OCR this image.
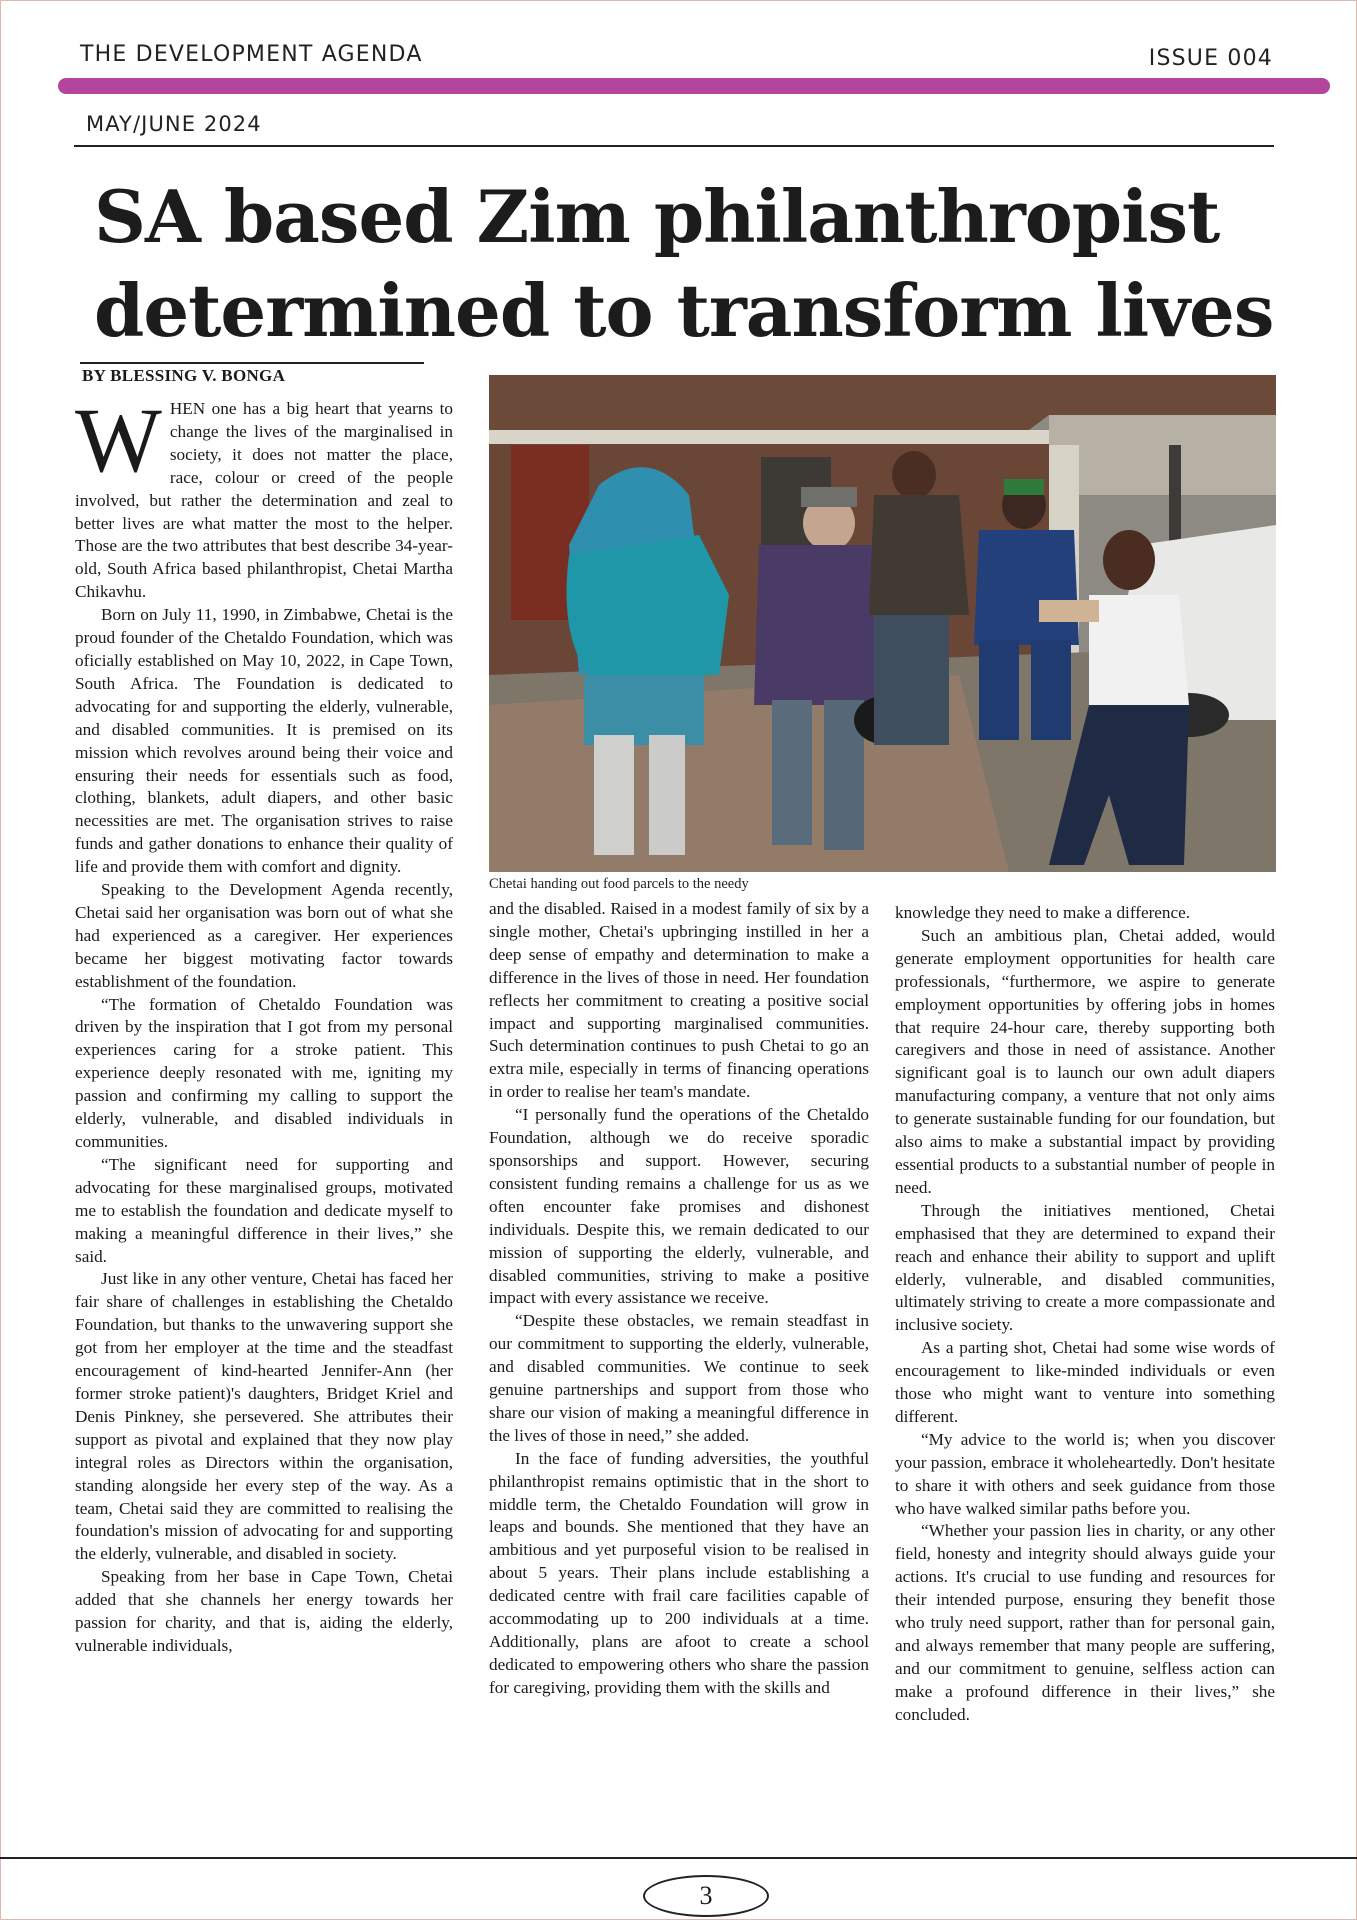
THE DEVELOPMENT AGENDA	ISSUE 004
MAY/JUNE 2024
SA based Zim philanthropist
determined to transform lives
BY BLESSING V. BONGA

WHEN one has a big heart that yearns to change the lives of the marginalised in society, it does not matter the place, race, colour or creed of the people involved, but rather the determination and zeal to better lives are what matter the most to the helper. Those are the two attributes that best describe 34-year-old, South Africa based philanthropist, Chetai Martha Chikavhu.

Born on July 11, 1990, in Zimbabwe, Chetai is the proud founder of the Chetaldo Foundation, which was oficially established on May 10, 2022, in Cape Town, South Africa. The Foundation is dedicated to advocating for and supporting the elderly, vulnerable, and disabled communities. It is premised on its mission which revolves around being their voice and ensuring their needs for essentials such as food, clothing, blankets, adult diapers, and other basic necessities are met. The organisation strives to raise funds and gather donations to enhance their quality of life and provide them with comfort and dignity.

Speaking to the Development Agenda recently, Chetai said her organisation was born out of what she had experienced as a caregiver. Her experiences became her biggest motivating factor towards establishment of the foundation.

“The formation of Chetaldo Foundation was driven by the inspiration that I got from my personal experiences caring for a stroke patient. This experience deeply resonated with me, igniting my passion and confirming my calling to support the elderly, vulnerable, and disabled individuals in communities.

“The significant need for supporting and advocating for these marginalised groups, motivated me to establish the foundation and dedicate myself to making a meaningful difference in their lives,” she said.

Just like in any other venture, Chetai has faced her fair share of challenges in establishing the Chetaldo Foundation, but thanks to the unwavering support she got from her employer at the time and the steadfast encouragement of kind-hearted Jennifer-Ann (her former stroke patient)'s daughters, Bridget Kriel and Denis Pinkney, she persevered. She attributes their support as pivotal and explained that they now play integral roles as Directors within the organisation, standing alongside her every step of the way. As a team, Chetai said they are committed to realising the foundation's mission of advocating for and supporting the elderly, vulnerable, and disabled in society.

Speaking from her base in Cape Town, Chetai added that she channels her energy towards her passion for charity, and that is, aiding the elderly, vulnerable individuals,

Chetai handing out food parcels to the needy

and the disabled. Raised in a modest family of six by a single mother, Chetai's upbringing instilled in her a deep sense of empathy and determination to make a difference in the lives of those in need. Her foundation reflects her commitment to creating a positive social impact and supporting marginalised communities. Such determination continues to push Chetai to go an extra mile, especially in terms of financing operations in order to realise her team's mandate.

“I personally fund the operations of the Chetaldo Foundation, although we do receive sporadic sponsorships and support. However, securing consistent funding remains a challenge for us as we often encounter fake promises and dishonest individuals. Despite this, we remain dedicated to our mission of supporting the elderly, vulnerable, and disabled communities, striving to make a positive impact with every assistance we receive.

“Despite these obstacles, we remain steadfast in our commitment to supporting the elderly, vulnerable, and disabled communities. We continue to seek genuine partnerships and support from those who share our vision of making a meaningful difference in the lives of those in need,” she added.

In the face of funding adversities, the youthful philanthropist remains optimistic that in the short to middle term, the Chetaldo Foundation will grow in leaps and bounds. She mentioned that they have an ambitious and yet purposeful vision to be realised in about 5 years. Their plans include establishing a dedicated centre with frail care facilities capable of accommodating up to 200 individuals at a time. Additionally, plans are afoot to create a school dedicated to empowering others who share the passion for caregiving, providing them with the skills and

knowledge they need to make a difference.

Such an ambitious plan, Chetai added, would generate employment opportunities for health care professionals, “furthermore, we aspire to generate employment opportunities by offering jobs in homes that require 24-hour care, thereby supporting both caregivers and those in need of assistance. Another significant goal is to launch our own adult diapers manufacturing company, a venture that not only aims to generate sustainable funding for our foundation, but also aims to make a substantial impact by providing essential products to a substantial number of people in need.

Through the initiatives mentioned, Chetai emphasised that they are determined to expand their reach and enhance their ability to support and uplift elderly, vulnerable, and disabled communities, ultimately striving to create a more compassionate and inclusive society.

As a parting shot, Chetai had some wise words of encouragement to like-minded individuals or even those who might want to venture into something different.

“My advice to the world is; when you discover your passion, embrace it wholeheartedly. Don't hesitate to share it with others and seek guidance from those who have walked similar paths before you.

“Whether your passion lies in charity, or any other field, honesty and integrity should always guide your actions. It's crucial to use funding and resources for their intended purpose, ensuring they benefit those who truly need support, rather than for personal gain, and always remember that many people are suffering, and our commitment to genuine, selfless action can make a profound difference in their lives,” she concluded.

3
